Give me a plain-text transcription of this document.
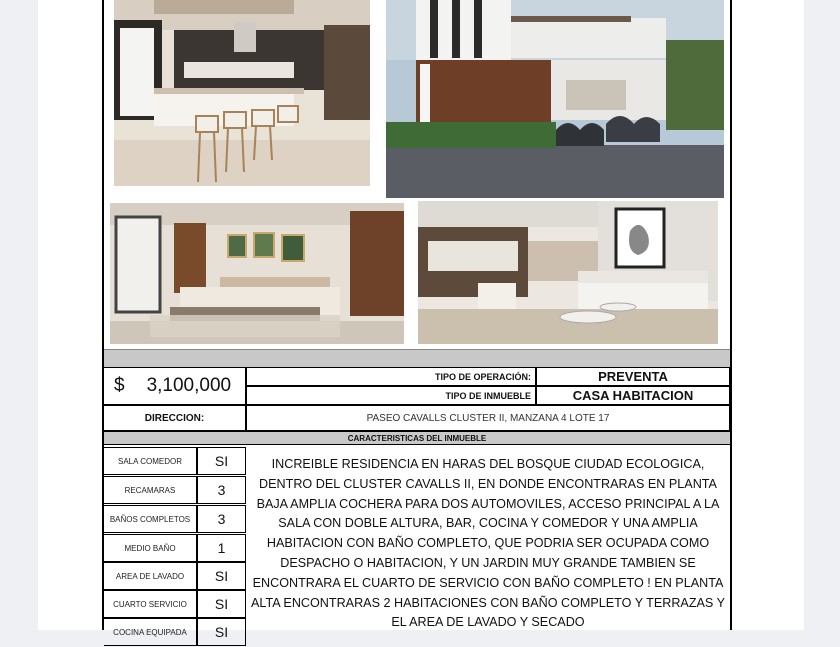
$ 3,100,000	TIPO DE OPERACIÓN:	PREVENTA
TIPO DE INMUEBLE	CASA HABITACION
DIRECCION:	PASEO CAVALLS CLUSTER II, MANZANA 4 LOTE 17
CARACTERISTICAS DEL INMUEBLE
SALA COMEDOR	SI
RECAMARAS	3
BAÑOS COMPLETOS	3
MEDIO BAÑO	1
AREA DE LAVADO	SI
CUARTO SERVICIO	SI
COCINA EQUIPADA	SI
INCREIBLE RESIDENCIA EN HARAS DEL BOSQUE CIUDAD ECOLOGICA, DENTRO DEL CLUSTER CAVALLS II, EN DONDE ENCONTRARAS EN PLANTA BAJA AMPLIA COCHERA PARA DOS AUTOMOVILES, ACCESO PRINCIPAL A LA SALA CON DOBLE ALTURA, BAR, COCINA Y COMEDOR Y UNA AMPLIA HABITACION CON BAÑO COMPLETO, QUE PODRIA SER OCUPADA COMO DESPACHO O HABITACION, Y UN JARDIN MUY GRANDE TAMBIEN SE ENCONTRARA EL CUARTO DE SERVICIO CON BAÑO COMPLETO ! EN PLANTA ALTA ENCONTRARAS 2 HABITACIONES CON BAÑO COMPLETO Y TERRAZAS Y EL AREA DE LAVADO Y SECADO
